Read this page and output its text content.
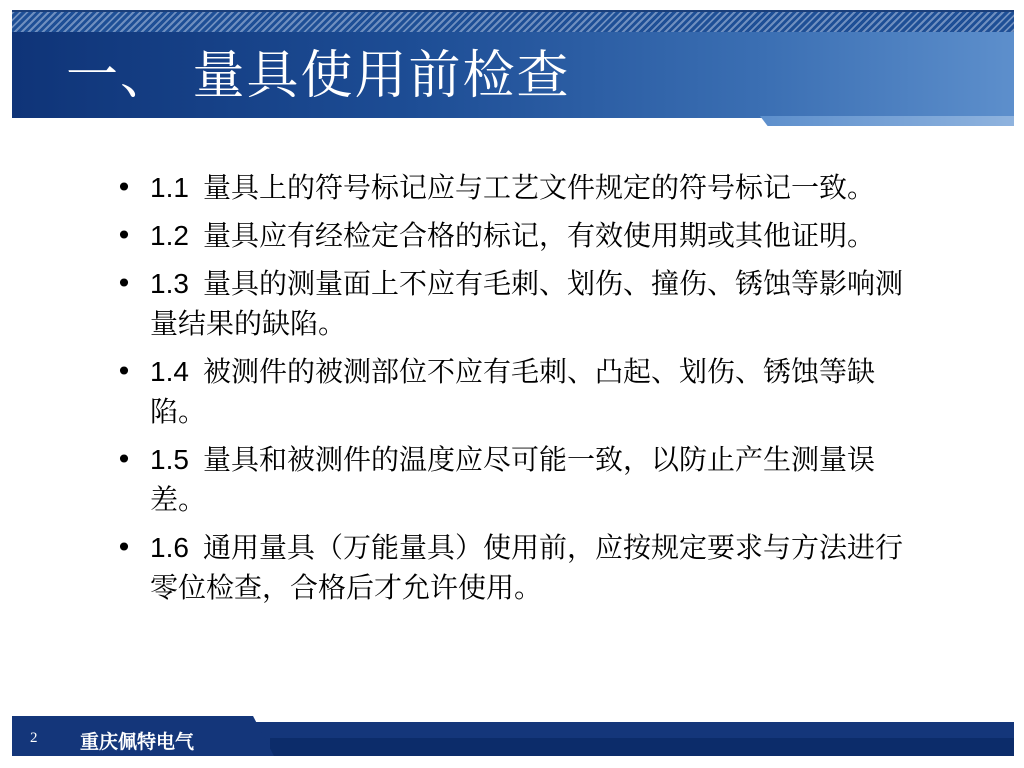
一、 量具使用前检查
• 1.1 量具上的符号标记应与工艺文件规定的符号标记一致。
• 1.2 量具应有经检定合格的标记，有效使用期或其他证明。
• 1.3 量具的测量面上不应有毛刺、划伤、撞伤、锈蚀等影响测量结果的缺陷。
• 1.4 被测件的被测部位不应有毛刺、凸起、划伤、锈蚀等缺陷。
• 1.5 量具和被测件的温度应尽可能一致，以防止产生测量误差。
• 1.6 通用量具（万能量具）使用前，应按规定要求与方法进行零位检查，合格后才允许使用。
2 重庆佩特电气
